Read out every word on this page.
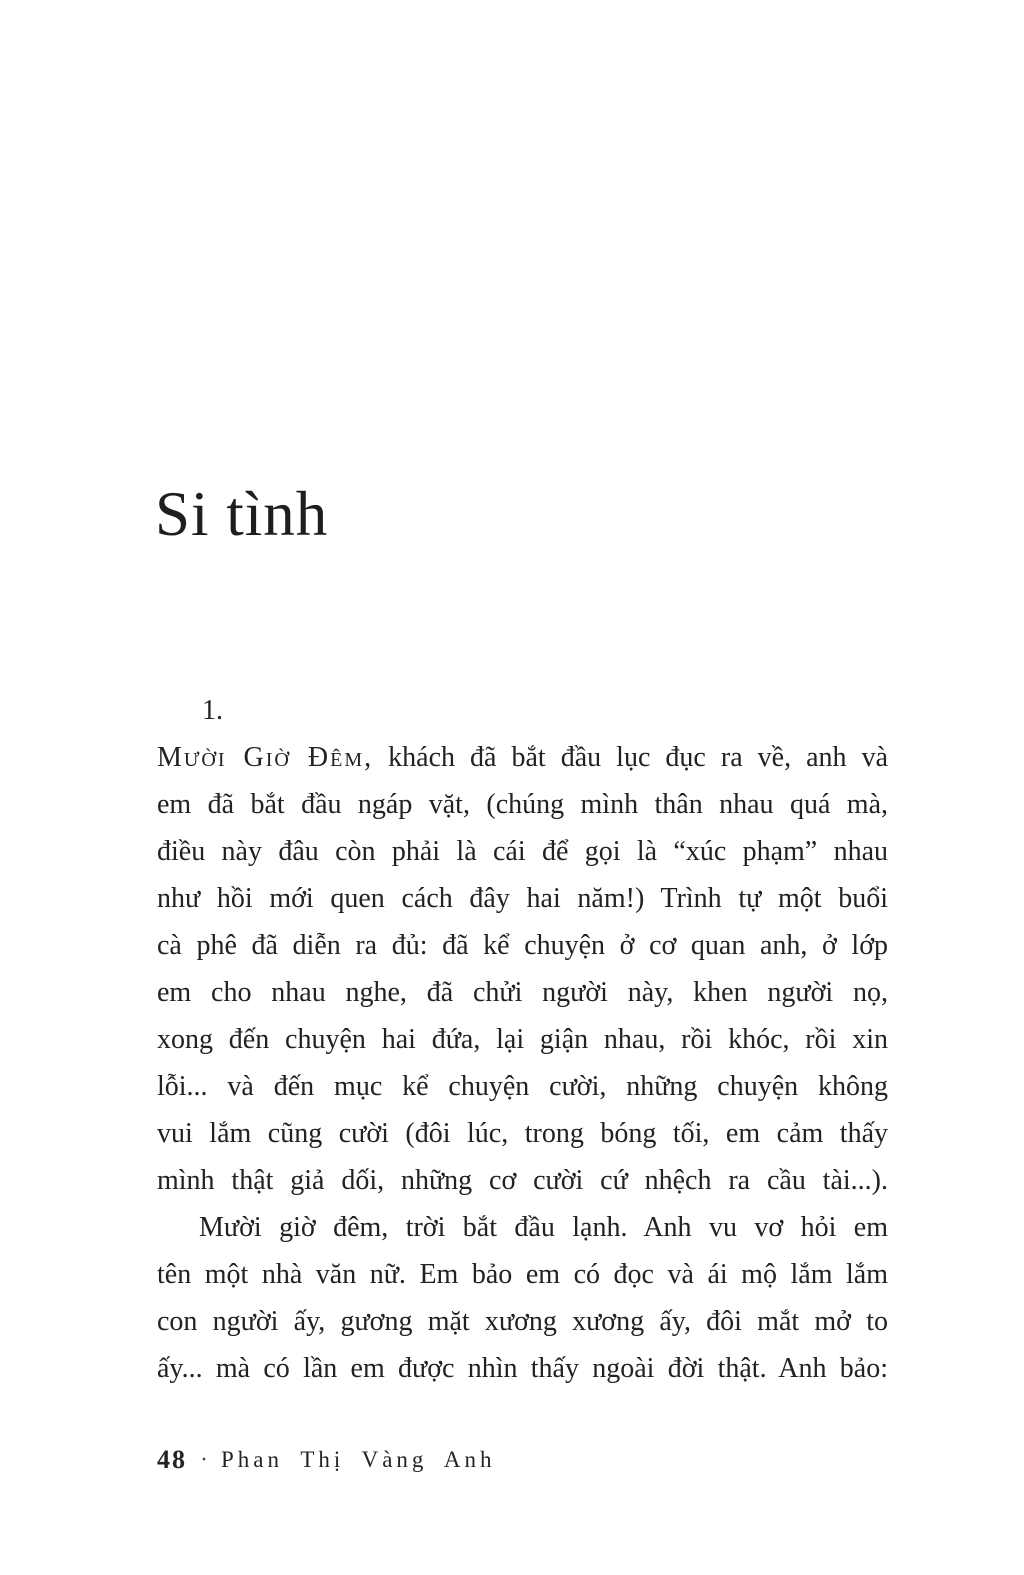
Si tình
1.
Mười Giờ Đêm, khách đã bắt đầu lục đục ra về, anh và
em đã bắt đầu ngáp vặt, (chúng mình thân nhau quá mà,
điều này đâu còn phải là cái để gọi là “xúc phạm” nhau
như hồi mới quen cách đây hai năm!) Trình tự một buổi
cà phê đã diễn ra đủ: đã kể chuyện ở cơ quan anh, ở lớp
em cho nhau nghe, đã chửi người này, khen người nọ,
xong đến chuyện hai đứa, lại giận nhau, rồi khóc, rồi xin
lỗi... và đến mục kể chuyện cười, những chuyện không
vui lắm cũng cười (đôi lúc, trong bóng tối, em cảm thấy
mình thật giả dối, những cơ cười cứ nhệch ra cầu tài...).
Mười giờ đêm, trời bắt đầu lạnh. Anh vu vơ hỏi em
tên một nhà văn nữ. Em bảo em có đọc và ái mộ lắm lắm
con người ấy, gương mặt xương xương ấy, đôi mắt mở to
ấy... mà có lần em được nhìn thấy ngoài đời thật. Anh bảo:
48 · Phan Thị Vàng Anh
